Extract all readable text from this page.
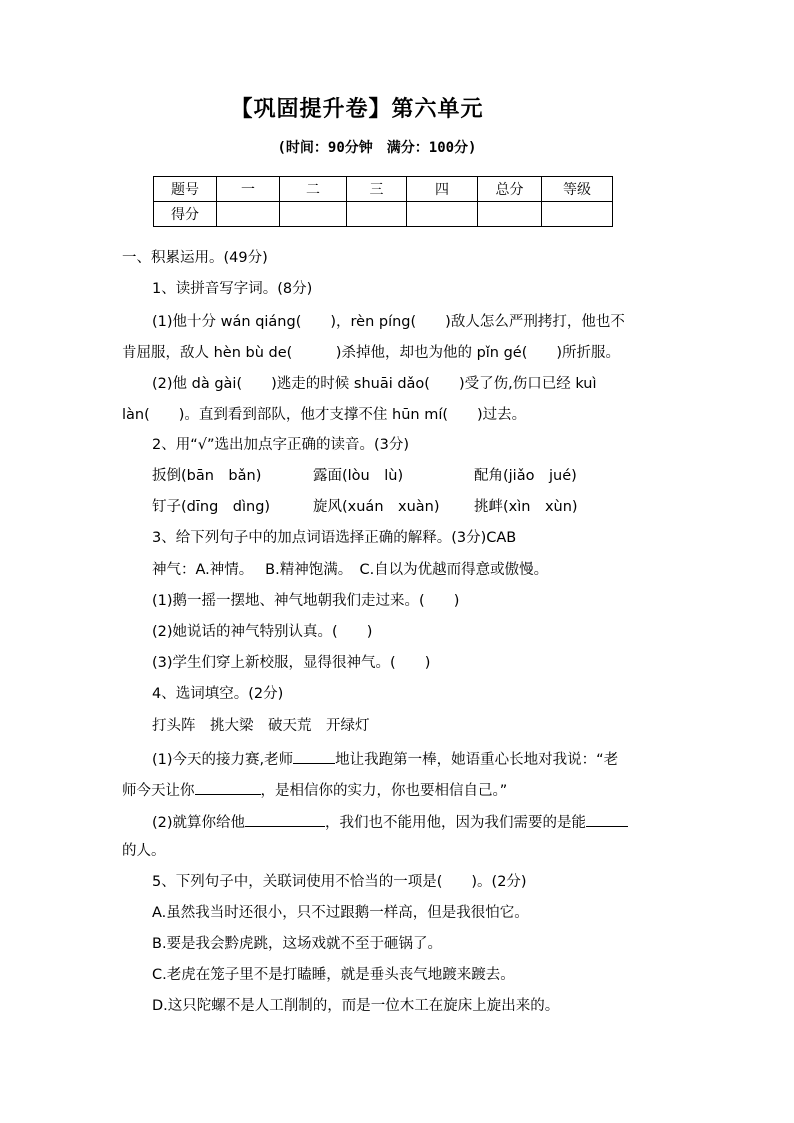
【巩固提升卷】第六单元
(时间：90分钟　满分：100分)
题号	一	二	三	四	总分	等级
得分						
一、积累运用。(49分)
1、读拼音写字词。(8分)
(1)他十分 wán qiáng(　　)，rèn píng(　　)敌人怎么严刑拷打，他也不
肯屈服，敌人 hèn bù de(　　　)杀掉他，却也为他的 pǐn gé(　　)所折服。
(2)他 dà gài(　　)逃走的时候 shuāi dǎo(　　)受了伤,伤口已经 kuì
làn(　　)。直到看到部队，他才支撑不住 hūn mí(　　)过去。
2、用“√”选出加点字正确的读音。(3分)
扳倒(bān　bǎn)	露面(lòu　lù)	配角(jiǎo　jué)
钉子(dīng　dìng)	旋风(xuán　xuàn) 挑衅(xìn　xùn)
3、给下列句子中的加点词语选择正确的解释。(3分)CAB
神气：A.神情。　 B.精神饱满。　C.自以为优越而得意或傲慢。
(1)鹅一摇一摆地、神气地朝我们走过来。(　　)
(2)她说话的神气特别认真。(　　)
(3)学生们穿上新校服，显得很神气。(　　)
4、选词填空。(2分)
打头阵　挑大梁　破天荒　开绿灯
(1)今天的接力赛,老师	地让我跑第一棒，她语重心长地对我说：“老
师今天让你	，是相信你的实力，你也要相信自己。”
(2)就算你给他	，我们也不能用他，因为我们需要的是能
的人。
5、下列句子中，关联词使用不恰当的一项是(　　)。(2分)
A.虽然我当时还很小，只不过跟鹅一样高，但是我很怕它。
B.要是我会黔虎跳，这场戏就不至于砸锅了。
C.老虎在笼子里不是打瞌睡，就是垂头丧气地踱来踱去。
D.这只陀螺不是人工削制的，而是一位木工在旋床上旋出来的。
